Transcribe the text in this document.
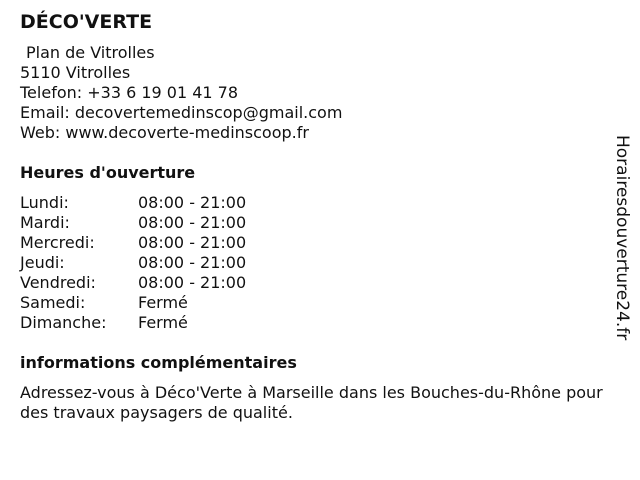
DÉCO'VERTE
Plan de Vitrolles
5110 Vitrolles
Telefon: +33 6 19 01 41 78
Email: decovertemedinscop@gmail.com
Web: www.decoverte-medinscoop.fr
Heures d'ouverture
Lundi:	08:00 - 21:00
Mardi:	08:00 - 21:00
Mercredi:	08:00 - 21:00
Jeudi:	08:00 - 21:00
Vendredi:	08:00 - 21:00
Samedi:	Fermé
Dimanche:	Fermé
informations complémentaires
Adressez-vous à Déco'Verte à Marseille dans les Bouches-du-Rhône pour des travaux paysagers de qualité.
Horairesdouverture24.fr
